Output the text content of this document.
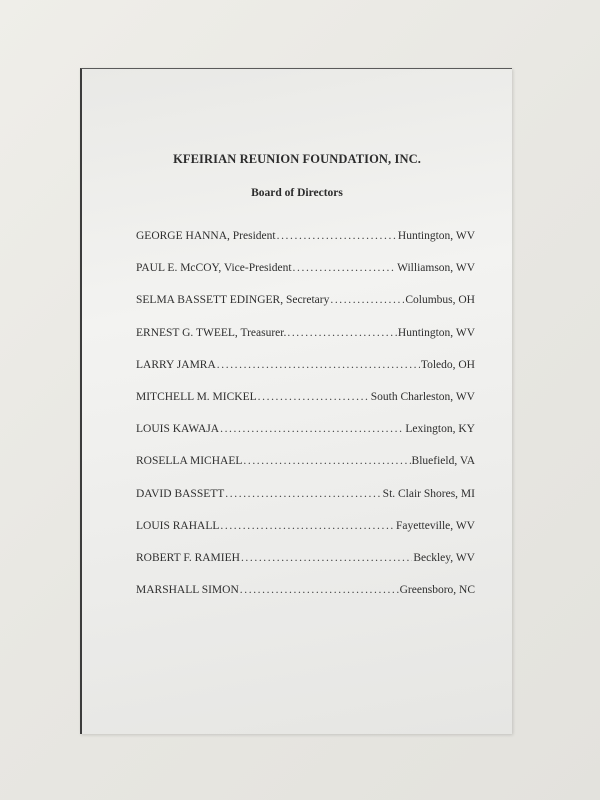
KFEIRIAN REUNION FOUNDATION, INC.
Board of Directors
GEORGE HANNA, President .....	Huntington, WV
PAUL E. McCOY, Vice-President .....	Williamson, WV
SELMA BASSETT EDINGER, Secretary .....	Columbus, OH
ERNEST G. TWEEL, Treasurer. .....	Huntington, WV
LARRY JAMRA .....	Toledo, OH
MITCHELL M. MICKEL .....	South Charleston, WV
LOUIS KAWAJA .....	Lexington, KY
ROSELLA MICHAEL .....	Bluefield, VA
DAVID BASSETT .....	St. Clair Shores, MI
LOUIS RAHALL .....	Fayetteville, WV
ROBERT F. RAMIEH .....	Beckley, WV
MARSHALL SIMON .....	Greensboro, NC
